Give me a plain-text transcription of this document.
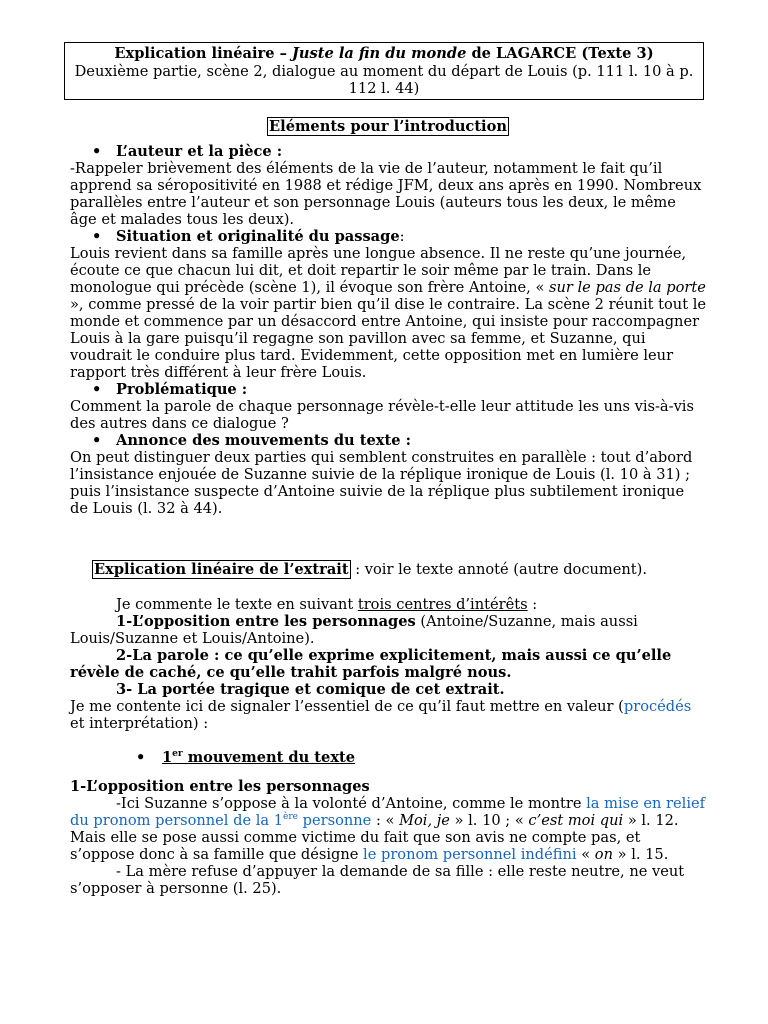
Explication linéaire – Juste la fin du monde de LAGARCE (Texte 3)
Deuxième partie, scène 2, dialogue au moment du départ de Louis (p. 111 l. 10 à p. 112 l. 44)
Eléments pour l’introduction
• L’auteur et la pièce :

-Rappeler brièvement des éléments de la vie de l’auteur, notamment le fait qu’il apprend sa séropositivité en 1988 et rédige JFM, deux ans après en 1990. Nombreux parallèles entre l’auteur et son personnage Louis (auteurs tous les deux, le même âge et malades tous les deux).

• Situation et originalité du passage:

Louis revient dans sa famille après une longue absence. Il ne reste qu’une journée, écoute ce que chacun lui dit, et doit repartir le soir même par le train. Dans le monologue qui précède (scène 1), il évoque son frère Antoine, « sur le pas de la porte », comme pressé de la voir partir bien qu’il dise le contraire. La scène 2 réunit tout le monde et commence par un désaccord entre Antoine, qui insiste pour raccompagner Louis à la gare puisqu’il regagne son pavillon avec sa femme, et Suzanne, qui voudrait le conduire plus tard. Evidemment, cette opposition met en lumière leur rapport très différent à leur frère Louis.

• Problématique :

Comment la parole de chaque personnage révèle-t-elle leur attitude les uns vis-à-vis des autres dans ce dialogue ?

• Annonce des mouvements du texte :

On peut distinguer deux parties qui semblent construites en parallèle : tout d’abord l’insistance enjouée de Suzanne suivie de la réplique ironique de Louis (l. 10 à 31) ; puis l’insistance suspecte d’Antoine suivie de la réplique plus subtilement ironique de Louis (l. 32 à 44).

Explication linéaire de l’extrait : voir le texte annoté (autre document).

Je commente le texte en suivant trois centres d’intérêts :

1-L’opposition entre les personnages (Antoine/Suzanne, mais aussi Louis/Suzanne et Louis/Antoine).

2-La parole : ce qu’elle exprime explicitement, mais aussi ce qu’elle révèle de caché, ce qu’elle trahit parfois malgré nous.

3- La portée tragique et comique de cet extrait.

Je me contente ici de signaler l’essentiel de ce qu’il faut mettre en valeur (procédés et interprétation) :

• 1er mouvement du texte

1-L’opposition entre les personnages

-Ici Suzanne s’oppose à la volonté d’Antoine, comme le montre la mise en relief du pronom personnel de la 1ère personne : « Moi, je » l. 10 ; « c’est moi qui » l. 12. Mais elle se pose aussi comme victime du fait que son avis ne compte pas, et s’oppose donc à sa famille que désigne le pronom personnel indéfini « on » l. 15.

- La mère refuse d’appuyer la demande de sa fille : elle reste neutre, ne veut s’opposer à personne (l. 25).
